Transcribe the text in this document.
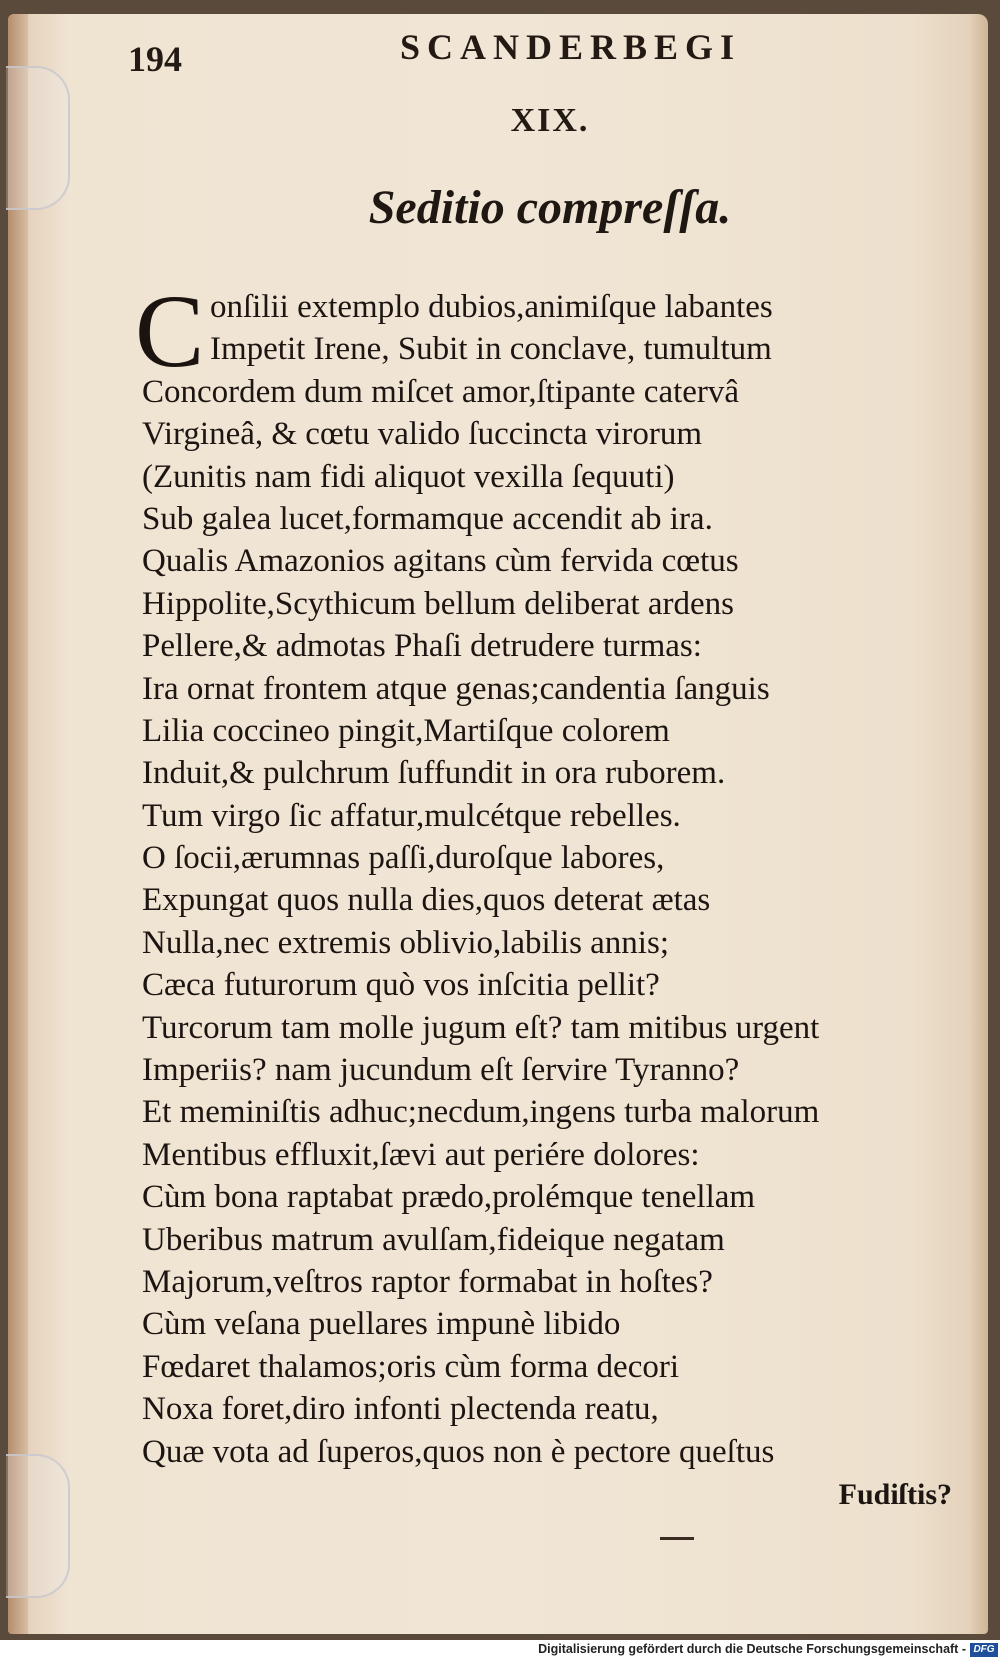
194	SCANDERBEGI
XIX.
Seditio compreſſa.
C onſilii extemplo dubios,animiſque labantes
Impetit Irene, Subit in conclave, tumultum
Concordem dum miſcet amor,ſtipante catervâ
Virgineâ, & cœtu valido ſuccincta virorum
(Zunitis nam fidi aliquot vexilla ſequuti)
Sub galea lucet,formamque accendit ab ira.
Qualis Amazonios agitans cùm fervida cœtus
Hippolite,Scythicum bellum deliberat ardens
Pellere,& admotas Phaſi detrudere turmas:
Ira ornat frontem atque genas;candentia ſanguis
Lilia coccineo pingit,Martiſque colorem
Induit,& pulchrum ſuffundit in ora ruborem.
Tum virgo ſic affatur,mulcétque rebelles.
O ſocii,ærumnas paſſi,duroſque labores,
Expungat quos nulla dies,quos deterat ætas
Nulla,nec extremis oblivio,labilis annis;
Cæca futurorum quò vos inſcitia pellit?
Turcorum tam molle jugum eſt? tam mitibus urgent
Imperiis? nam jucundum eſt ſervire Tyranno?
Et meminiſtis adhuc;necdum,ingens turba malorum
Mentibus effluxit,ſævi aut periére dolores:
Cùm bona raptabat prædo,prolémque tenellam
Uberibus matrum avulſam,fideique negatam
Majorum,veſtros raptor formabat in hoſtes?
Cùm veſana puellares impunè libido
Fœdaret thalamos;oris cùm forma decori
Noxa foret,diro infonti plectenda reatu,
Quæ vota ad ſuperos,quos non è pectore queſtus
Fudiſtis?
Digitalisierung gefördert durch die Deutsche Forschungsgemeinschaft - DFG
